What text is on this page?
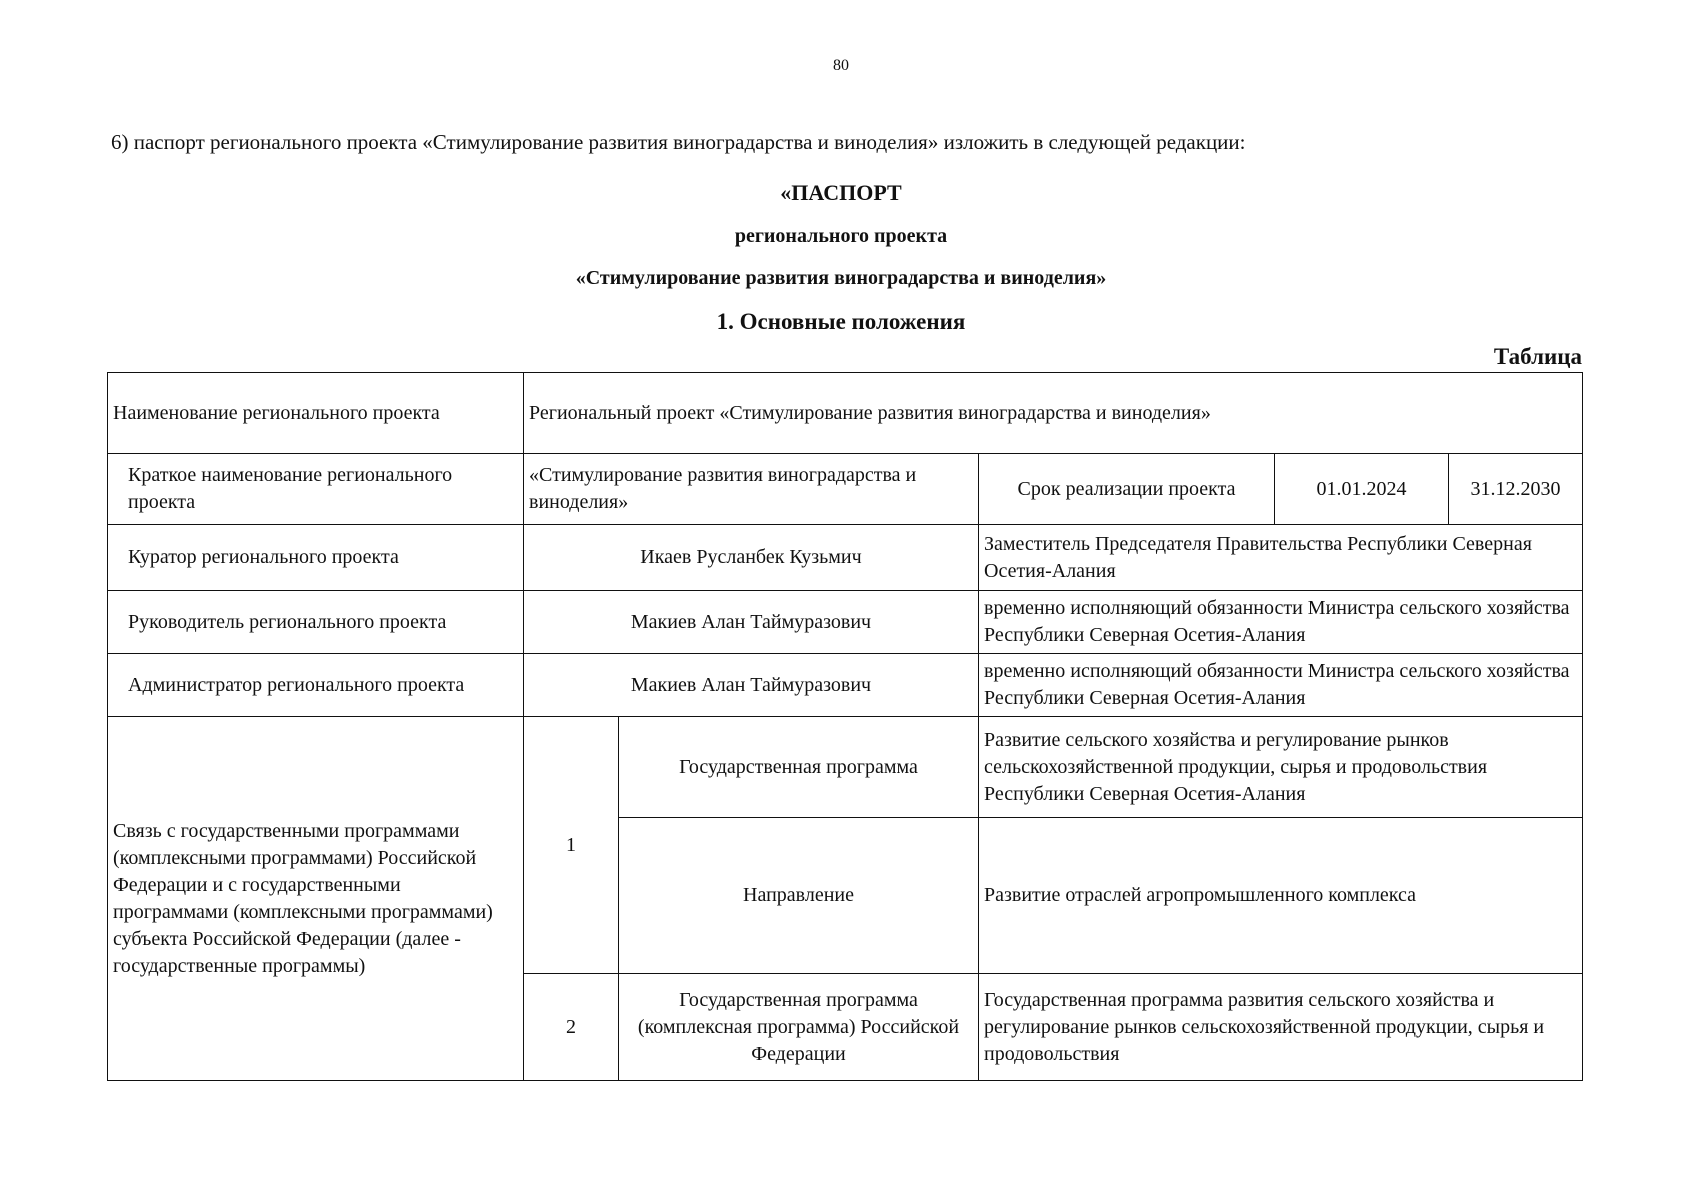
80
6) паспорт регионального проекта «Стимулирование развития виноградарства и виноделия» изложить в следующей редакции:
«ПАСПОРТ
регионального проекта
«Стимулирование развития виноградарства и виноделия»
1. Основные положения
Таблица
Наименование регионального проекта	Региональный проект «Стимулирование развития виноградарства и виноделия»				
Краткое наименование регионального проекта	«Стимулирование развития виноградарства и виноделия»		Срок реализации проекта	01.01.2024	31.12.2030
Куратор регионального проекта	Икаев Русланбек Кузьмич		Заместитель Председателя Правительства Республики Северная Осетия-Алания		
Руководитель регионального проекта	Макиев Алан Таймуразович		временно исполняющий обязанности Министра сельского хозяйства Республики Северная Осетия-Алания		
Администратор регионального проекта	Макиев Алан Таймуразович		временно исполняющий обязанности Министра сельского хозяйства Республики Северная Осетия-Алания		
Связь с государственными программами (комплексными программами) Российской Федерации и с государственными программами (комплексными программами) субъекта Российской Федерации (далее - государственные программы)	1	Государственная программа	Развитие сельского хозяйства и регулирование рынков сельскохозяйственной продукции, сырья и продовольствия Республики Северная Осетия-Алания		
		Направление	Развитие отраслей агропромышленного комплекса		
	2	Государственная программа (комплексная программа) Российской Федерации	Государственная программа развития сельского хозяйства и регулирование рынков сельскохозяйственной продукции, сырья и продовольствия		
